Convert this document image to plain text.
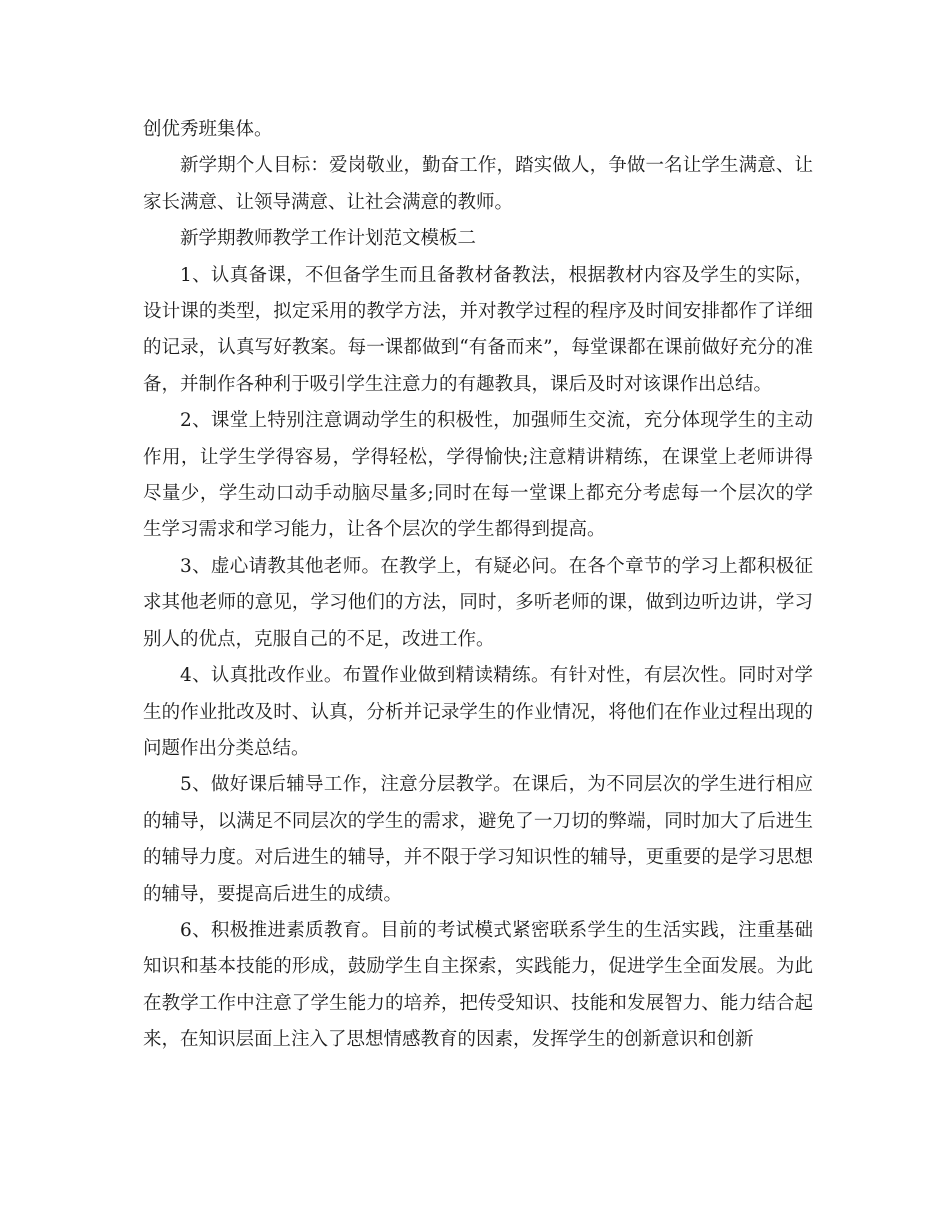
创优秀班集体。

新学期个人目标：爱岗敬业，勤奋工作，踏实做人，争做一名让学生满意、让家长满意、让领导满意、让社会满意的教师。

新学期教师教学工作计划范文模板二

1、认真备课，不但备学生而且备教材备教法，根据教材内容及学生的实际，设计课的类型，拟定采用的教学方法，并对教学过程的程序及时间安排都作了详细的记录，认真写好教案。每一课都做到“有备而来”，每堂课都在课前做好充分的准备，并制作各种利于吸引学生注意力的有趣教具，课后及时对该课作出总结。

2、课堂上特别注意调动学生的积极性，加强师生交流，充分体现学生的主动作用，让学生学得容易，学得轻松，学得愉快;注意精讲精练，在课堂上老师讲得尽量少，学生动口动手动脑尽量多;同时在每一堂课上都充分考虑每一个层次的学生学习需求和学习能力，让各个层次的学生都得到提高。

3、虚心请教其他老师。在教学上，有疑必问。在各个章节的学习上都积极征求其他老师的意见，学习他们的方法，同时，多听老师的课，做到边听边讲，学习别人的优点，克服自己的不足，改进工作。

4、认真批改作业。布置作业做到精读精练。有针对性，有层次性。同时对学生的作业批改及时、认真，分析并记录学生的作业情况，将他们在作业过程出现的问题作出分类总结。

5、做好课后辅导工作，注意分层教学。在课后，为不同层次的学生进行相应的辅导，以满足不同层次的学生的需求，避免了一刀切的弊端，同时加大了后进生的辅导力度。对后进生的辅导，并不限于学习知识性的辅导，更重要的是学习思想的辅导，要提高后进生的成绩。

6、积极推进素质教育。目前的考试模式紧密联系学生的生活实践，注重基础知识和基本技能的形成，鼓励学生自主探索，实践能力，促进学生全面发展。为此在教学工作中注意了学生能力的培养，把传受知识、技能和发展智力、能力结合起来，在知识层面上注入了思想情感教育的因素，发挥学生的创新意识和创新
